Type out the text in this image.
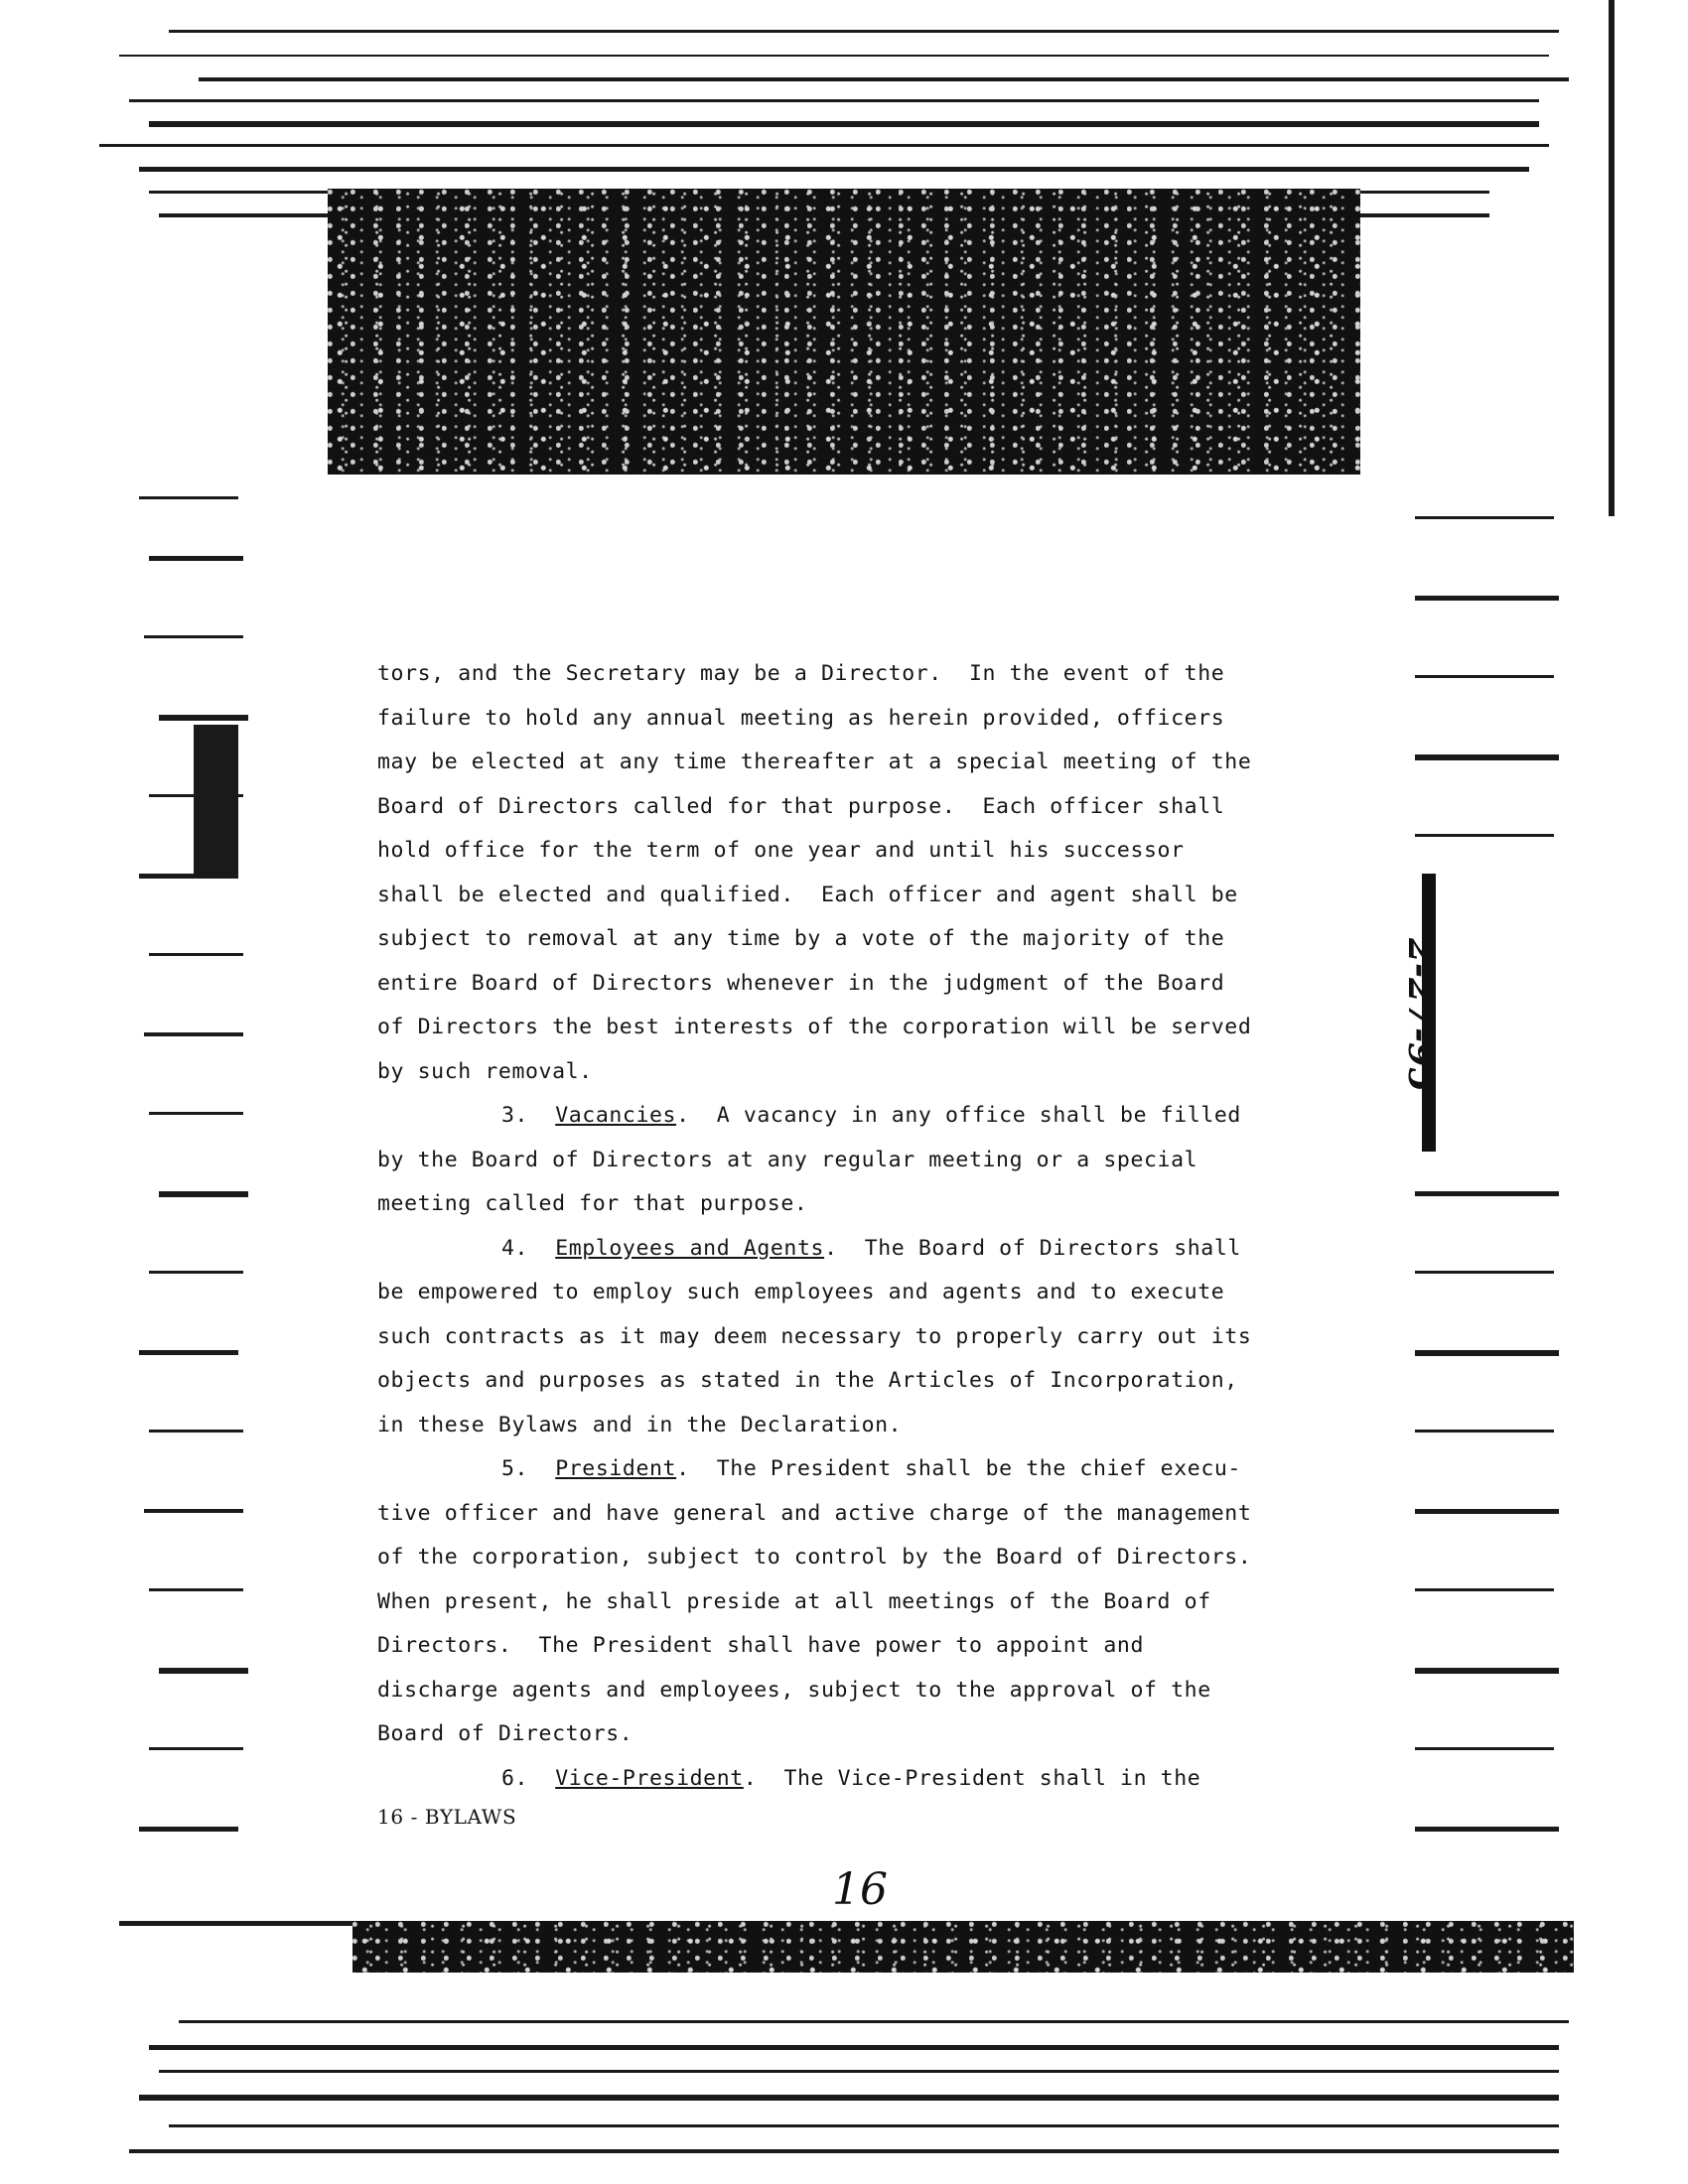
tors, and the Secretary may be a Director.  In the event of the
failure to hold any annual meeting as herein provided, officers
may be elected at any time thereafter at a special meeting of the
Board of Directors called for that purpose.  Each officer shall
hold office for the term of one year and until his successor
shall be elected and qualified.  Each officer and agent shall be
subject to removal at any time by a vote of the majority of the
entire Board of Directors whenever in the judgment of the Board
of Directors the best interests of the corporation will be served
by such removal.
3. Vacancies.  A vacancy in any office shall be filled
by the Board of Directors at any regular meeting or a special
meeting called for that purpose.
4. Employees and Agents.  The Board of Directors shall
be empowered to employ such employees and agents and to execute
such contracts as it may deem necessary to properly carry out its
objects and purposes as stated in the Articles of Incorporation,
in these Bylaws and in the Declaration.
5. President.  The President shall be the chief execu-
tive officer and have general and active charge of the management
of the corporation, subject to control by the Board of Directors.
When present, he shall preside at all meetings of the Board of
Directors.  The President shall have power to appoint and
discharge agents and employees, subject to the approval of the
Board of Directors.
6. Vice-President.  The Vice-President shall in the
16 - BYLAWS
16
2-27-95
